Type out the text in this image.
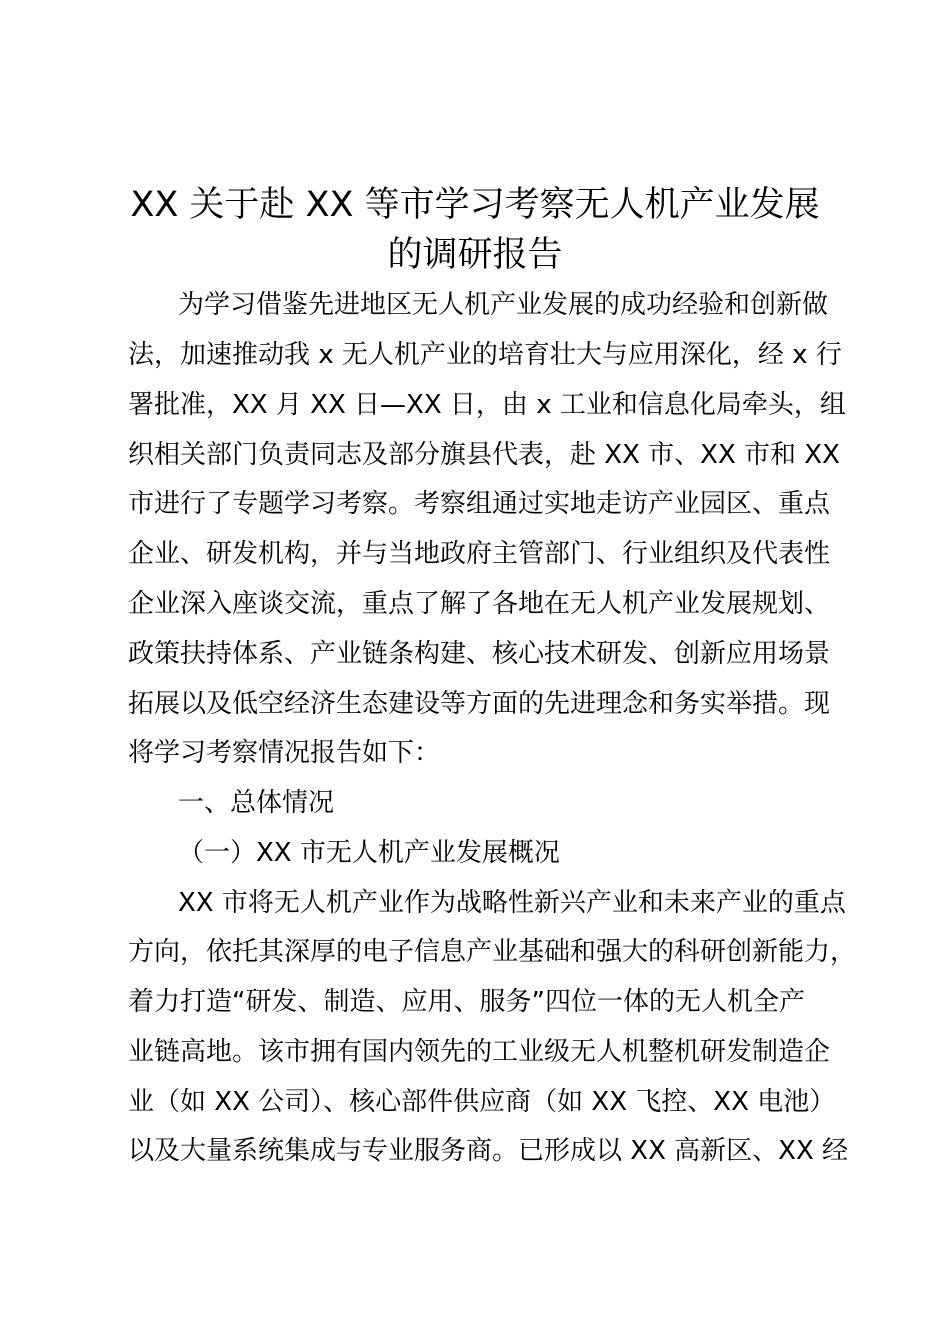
XX 关于赴 XX 等市学习考察无人机产业发展
的调研报告

为学习借鉴先进地区无人机产业发展的成功经验和创新做

法，加速推动我 x 无人机产业的培育壮大与应用深化，经 x 行

署批准，XX 月 XX 日—XX 日，由 x 工业和信息化局牵头，组

织相关部门负责同志及部分旗县代表，赴 XX 市、XX 市和 XX

市进行了专题学习考察。考察组通过实地走访产业园区、重点

企业、研发机构，并与当地政府主管部门、行业组织及代表性

企业深入座谈交流，重点了解了各地在无人机产业发展规划、

政策扶持体系、产业链条构建、核心技术研发、创新应用场景

拓展以及低空经济生态建设等方面的先进理念和务实举措。现

将学习考察情况报告如下：

一、总体情况

（一）XX 市无人机产业发展概况

XX 市将无人机产业作为战略性新兴产业和未来产业的重点

方向，依托其深厚的电子信息产业基础和强大的科研创新能力，

着力打造“研发、制造、应用、服务”四位一体的无人机全产

业链高地。该市拥有国内领先的工业级无人机整机研发制造企

业（如 XX 公司）、核心部件供应商（如 XX 飞控、XX 电池）

以及大量系统集成与专业服务商。已形成以 XX 高新区、XX 经
